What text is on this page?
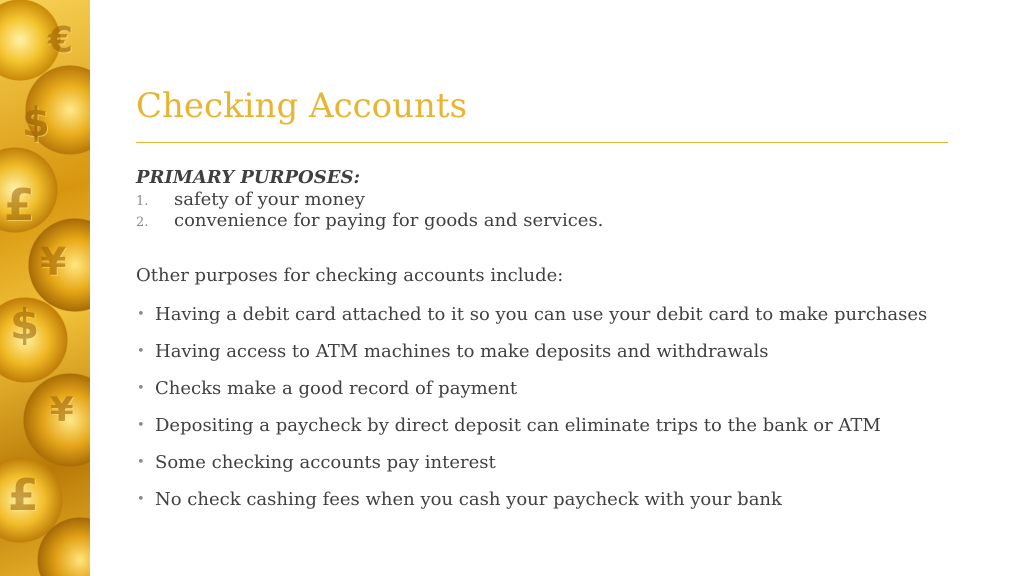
$
£
¥
$
€
¥
£
Checking Accounts
PRIMARY PURPOSES:
1. safety of your money
2. convenience for paying for goods and services.
Other purposes for checking accounts include:
• Having a debit card attached to it so you can use your debit card to make purchases
• Having access to ATM machines to make deposits and withdrawals
• Checks make a good record of payment
• Depositing a paycheck by direct deposit can eliminate trips to the bank or ATM
• Some checking accounts pay interest
• No check cashing fees when you cash your paycheck with your bank
